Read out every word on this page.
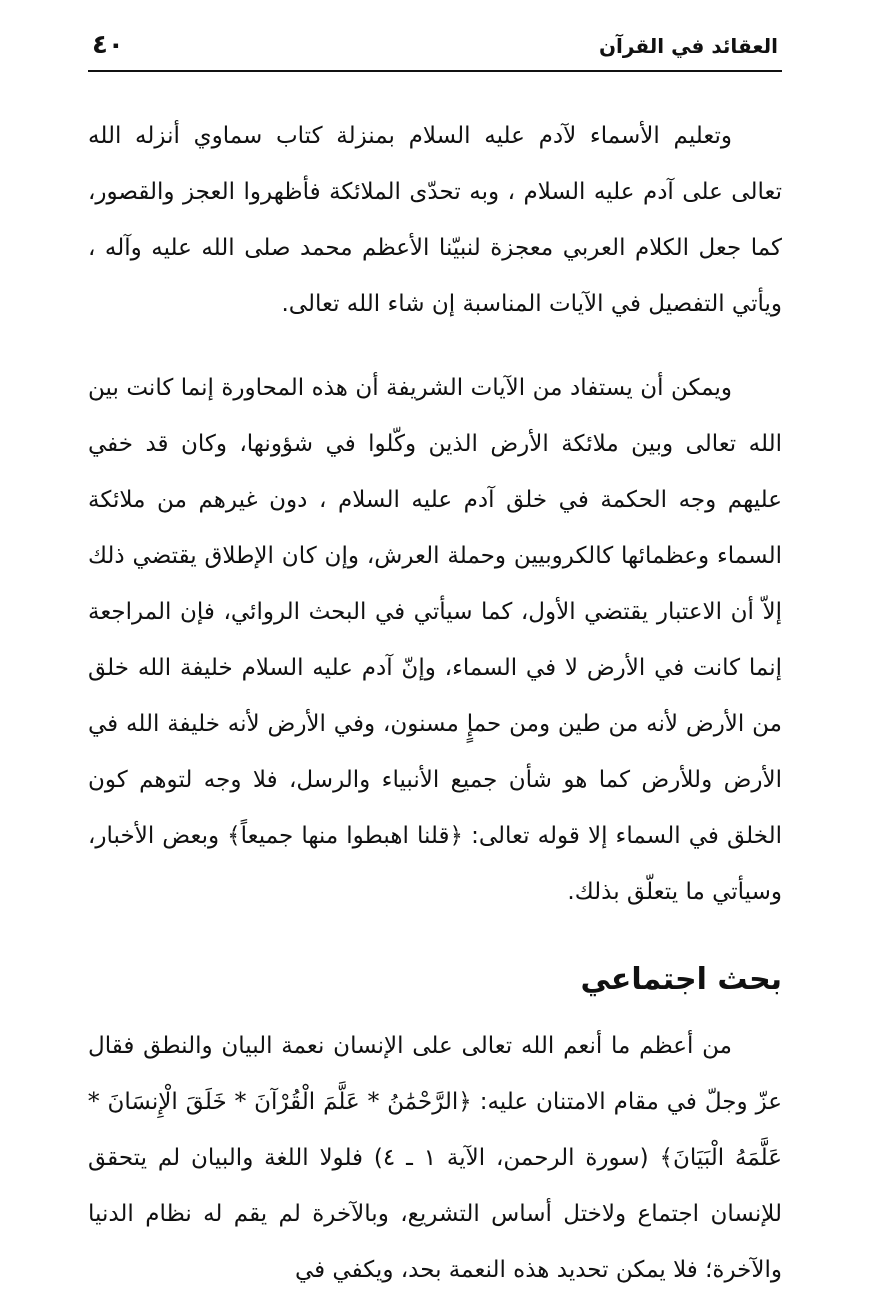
العقائد في القرآن
٤٠

وتعليم الأسماء لآدم عليه السلام بمنزلة كتاب سماوي أنزله الله تعالى على آدم عليه السلام ، وبه تحدّى الملائكة فأظهروا العجز والقصور، كما جعل الكلام العربي معجزة لنبيّنا الأعظم محمد صلى الله عليه وآله ، ويأتي التفصيل في الآيات المناسبة إن شاء الله تعالى.

ويمكن أن يستفاد من الآيات الشريفة أن هذه المحاورة إنما كانت بين الله تعالى وبين ملائكة الأرض الذين وكّلوا في شؤونها، وكان قد خفي عليهم وجه الحكمة في خلق آدم عليه السلام ، دون غيرهم من ملائكة السماء وعظمائها كالكروبيين وحملة العرش، وإن كان الإطلاق يقتضي ذلك إلاّ أن الاعتبار يقتضي الأول، كما سيأتي في البحث الروائي، فإن المراجعة إنما كانت في الأرض لا في السماء، وإنّ آدم عليه السلام خليفة الله خلق من الأرض لأنه من طين ومن حمإٍ مسنون، وفي الأرض لأنه خليفة الله في الأرض وللأرض كما هو شأن جميع الأنبياء والرسل، فلا وجه لتوهم كون الخلق في السماء إلا قوله تعالى: ﴿قلنا اهبطوا منها جميعاً﴾ وبعض الأخبار، وسيأتي ما يتعلّق بذلك.

بحث اجتماعي

من أعظم ما أنعم الله تعالى على الإنسان نعمة البيان والنطق فقال عزّ وجلّ في مقام الامتنان عليه: ﴿الرَّحْمَٰنُ * عَلَّمَ الْقُرْآنَ * خَلَقَ الْإِنسَانَ * عَلَّمَهُ الْبَيَانَ﴾ (سورة الرحمن، الآية ١ ـ ٤) فلولا اللغة والبيان لم يتحقق للإنسان اجتماع ولاختل أساس التشريع، وبالآخرة لم يقم له نظام الدنيا والآخرة؛ فلا يمكن تحديد هذه النعمة بحد، ويكفي في
